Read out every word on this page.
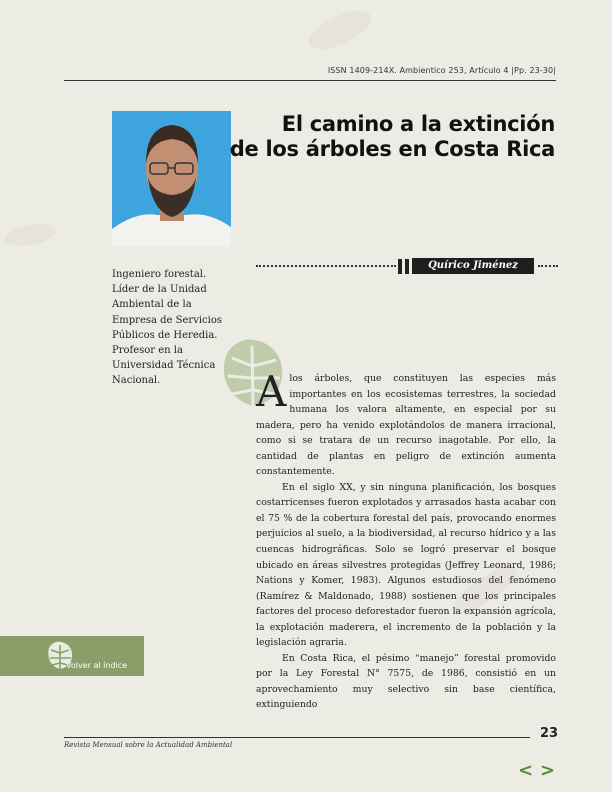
ISSN 1409-214X. Ambientico 253, Artículo 4 |Pp. 23-30|
El camino a la extinción
de los árboles en Costa Rica
Quírico Jiménez
Ingeniero forestal.
Líder de la Unidad
Ambiental de la
Empresa de Servicios
Públicos de Heredia.
Profesor en la
Universidad Técnica
Nacional.	Alos árboles, que constituyen las especies más importantes en los ecosistemas terrestres, la sociedad humana los valora altamente, en especial por su madera, pero ha venido explotándolos de manera irracional, como si se tratara de un recurso inagotable. Por ello, la cantidad de plantas en peligro de extinción aumenta constantemente.

En el siglo XX, y sin ninguna planificación, los bosques costarricenses fueron explotados y arrasados hasta acabar con el 75 % de la cobertura forestal del país, provocando enormes perjuicios al suelo, a la biodiversidad, al recurso hídrico y a las cuencas hidrográficas. Solo se logró preservar el bosque ubicado en áreas silvestres protegidas (Jeffrey Leonard, 1986; Nations y Komer, 1983). Algunos estudiosos del fenómeno (Ramírez & Maldonado, 1988) sostienen que los principales factores del proceso deforestador fueron la expansión agrícola, la explotación maderera, el incremento de la población y la legislación agraria.

En Costa Rica, el pésimo “manejo” forestal promovido por la Ley Forestal N° 7575, de 1986, consistió en un aprovechamiento muy selectivo sin base científica, extinguiendo

Volver al índice
23
Revista Mensual sobre la Actualidad Ambiental
< >
